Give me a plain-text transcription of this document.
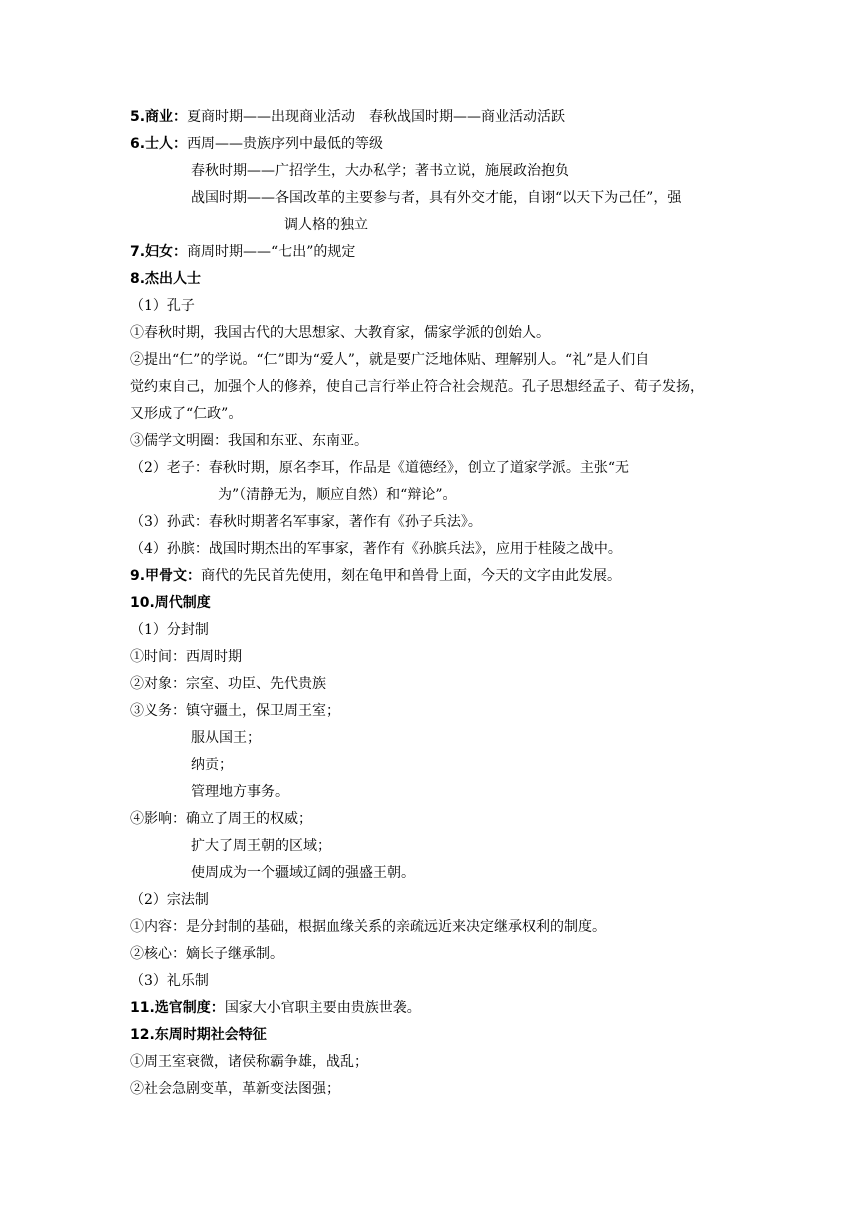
5.商业：夏商时期——出现商业活动　春秋战国时期——商业活动活跃
6.士人：西周——贵族序列中最低的等级
春秋时期——广招学生，大办私学；著书立说，施展政治抱负
战国时期——各国改革的主要参与者，具有外交才能，自诩“以天下为己任”，强
调人格的独立
7.妇女：商周时期——“七出”的规定
8.杰出人士
（1）孔子
①春秋时期，我国古代的大思想家、大教育家，儒家学派的创始人。
②提出“仁”的学说。“仁”即为“爱人”，就是要广泛地体贴、理解别人。“礼”是人们自
觉约束自己，加强个人的修养，使自己言行举止符合社会规范。孔子思想经孟子、荀子发扬，
又形成了“仁政”。
③儒学文明圈：我国和东亚、东南亚。
（2）老子：春秋时期，原名李耳，作品是《道德经》，创立了道家学派。主张“无
为”（清静无为，顺应自然）和“辩论”。
（3）孙武：春秋时期著名军事家，著作有《孙子兵法》。
（4）孙膑：战国时期杰出的军事家，著作有《孙膑兵法》，应用于桂陵之战中。
9.甲骨文：商代的先民首先使用，刻在龟甲和兽骨上面，今天的文字由此发展。
10.周代制度
（1）分封制
①时间：西周时期
②对象：宗室、功臣、先代贵族
③义务：镇守疆土，保卫周王室；
服从国王；
纳贡；
管理地方事务。
④影响：确立了周王的权威；
扩大了周王朝的区域；
使周成为一个疆域辽阔的强盛王朝。
（2）宗法制
①内容：是分封制的基础，根据血缘关系的亲疏远近来决定继承权利的制度。
②核心：嫡长子继承制。
（3）礼乐制
11.选官制度：国家大小官职主要由贵族世袭。
12.东周时期社会特征
①周王室衰微，诸侯称霸争雄，战乱；
②社会急剧变革，革新变法图强；
